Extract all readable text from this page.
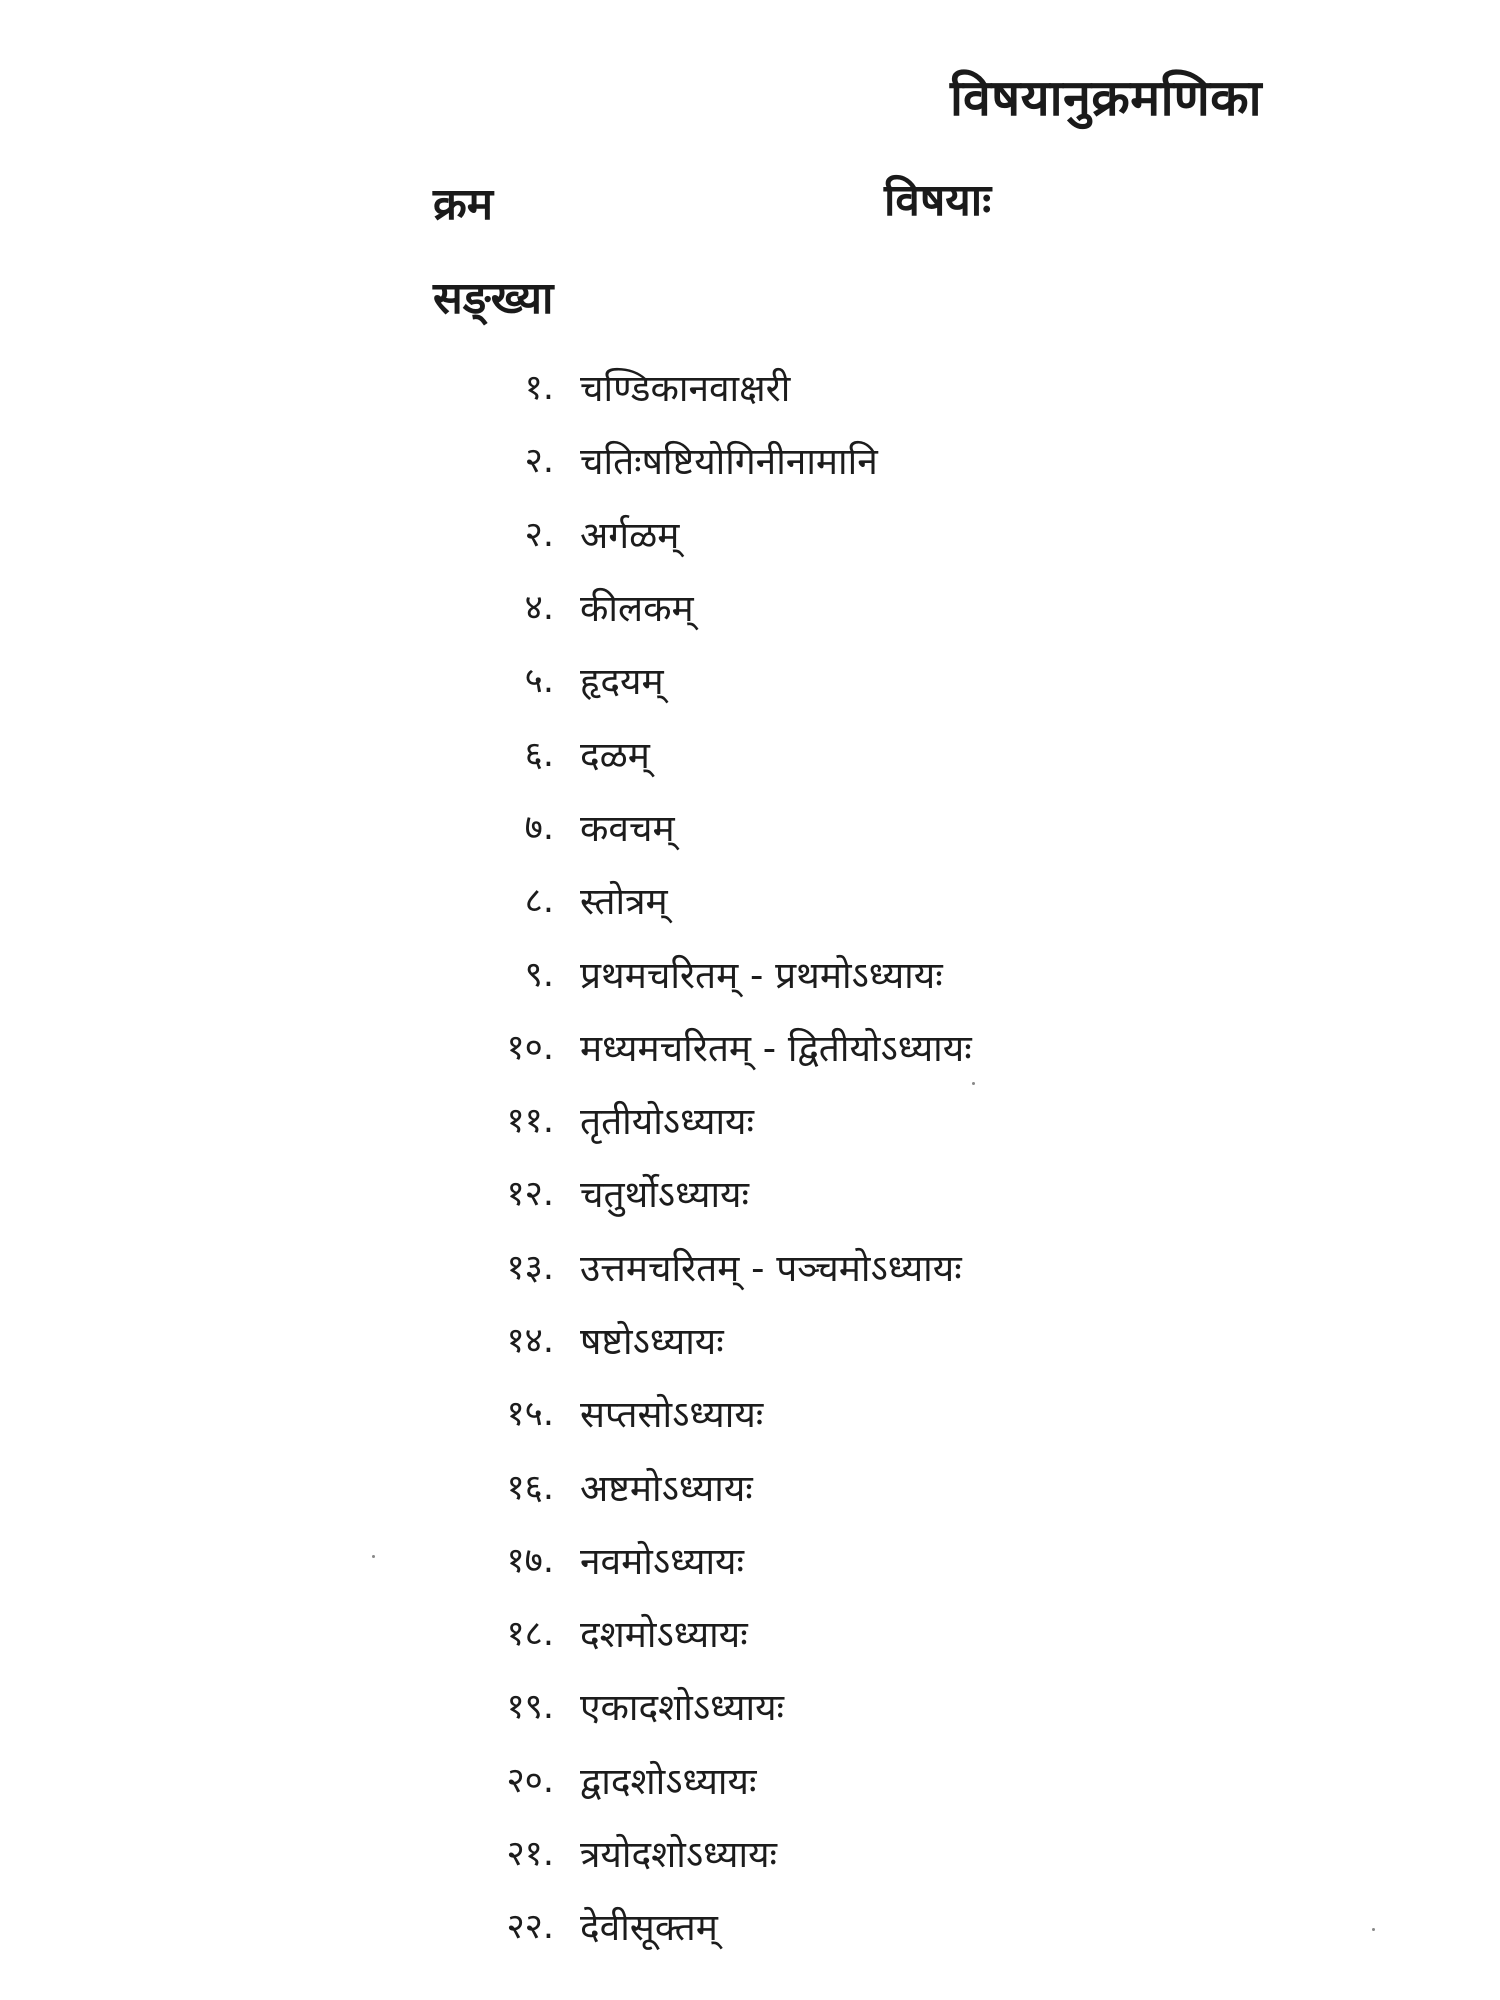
विषयानुक्रमणिका
क्रम	विषयाः
सङ्ख्या
१. चण्डिकानवाक्षरी
२. चतिःषष्टियोगिनीनामानि
२. अर्गळम्
४. कीलकम्
५. हृदयम्
६. दळम्
७. कवचम्
८. स्तोत्रम्
९. प्रथमचरितम् - प्रथमोऽध्यायः
१०. मध्यमचरितम् - द्वितीयोऽध्यायः
११. तृतीयोऽध्यायः
१२. चतुर्थोऽध्यायः
१३. उत्तमचरितम् - पञ्चमोऽध्यायः
१४. षष्टोऽध्यायः
१५. सप्तसोऽध्यायः
१६. अष्टमोऽध्यायः
१७. नवमोऽध्यायः
१८. दशमोऽध्यायः
१९. एकादशोऽध्यायः
२०. द्वादशोऽध्यायः
२१. त्रयोदशोऽध्यायः
२२. देवीसूक्तम्
